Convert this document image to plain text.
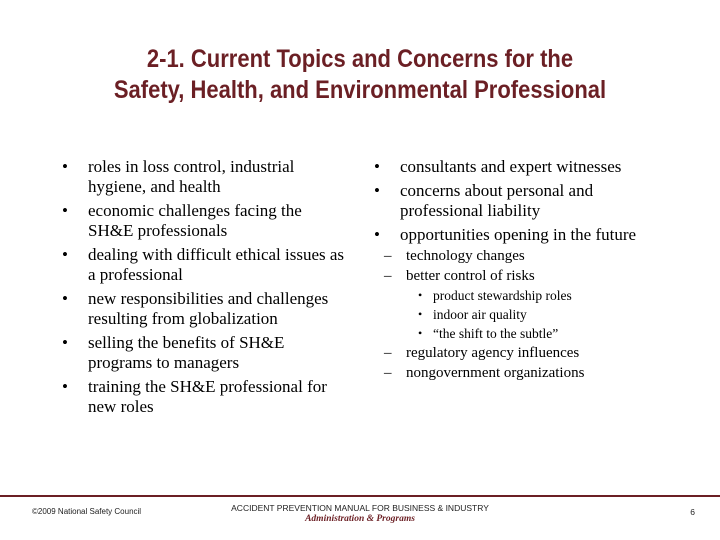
2-1. Current Topics and Concerns for the
Safety, Health, and Environmental Professional
• roles in loss control, industrial hygiene, and health
• economic challenges facing the SH&E professionals
• dealing with difficult ethical issues as a professional
• new responsibilities and challenges resulting from globalization
• selling the benefits of SH&E programs to managers
• training the SH&E professional for new roles
• consultants and expert witnesses
• concerns about personal and professional liability
• opportunities opening in the future
– technology changes
– better control of risks
• product stewardship roles
• indoor air quality
• “the shift to the subtle”
– regulatory agency influences
– nongovernment organizations
©2009 National Safety Council	ACCIDENT PREVENTION MANUAL FOR BUSINESS & INDUSTRY
Administration & Programs
6
